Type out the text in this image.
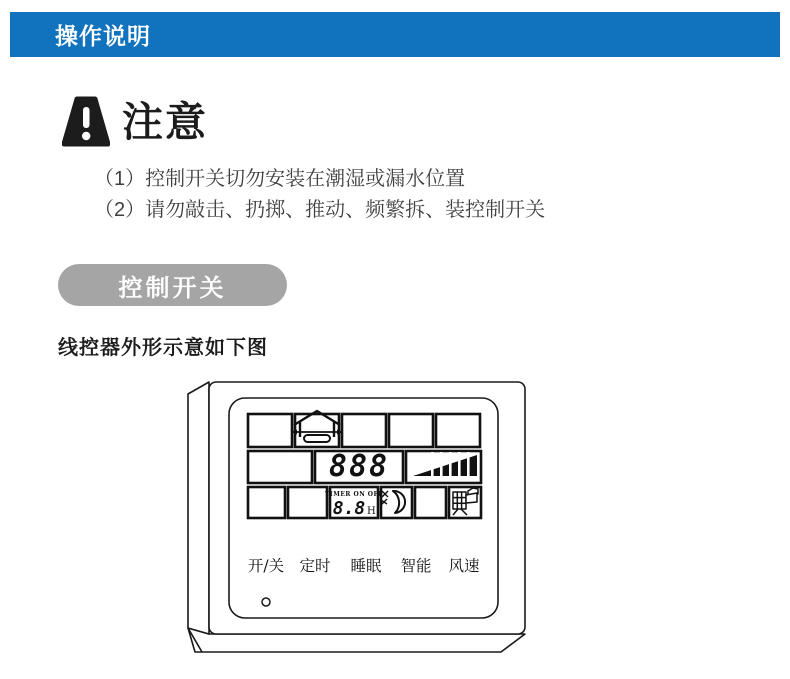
操作说明
注意
（1）控制开关切勿安装在潮湿或漏水位置
（2）请勿敲击、扔掷、推动、频繁拆、装控制开关
控制开关
线控器外形示意如下图
888
TIMER ON OFF
8.8 H
开/关 定时 睡眠 智能 风速
